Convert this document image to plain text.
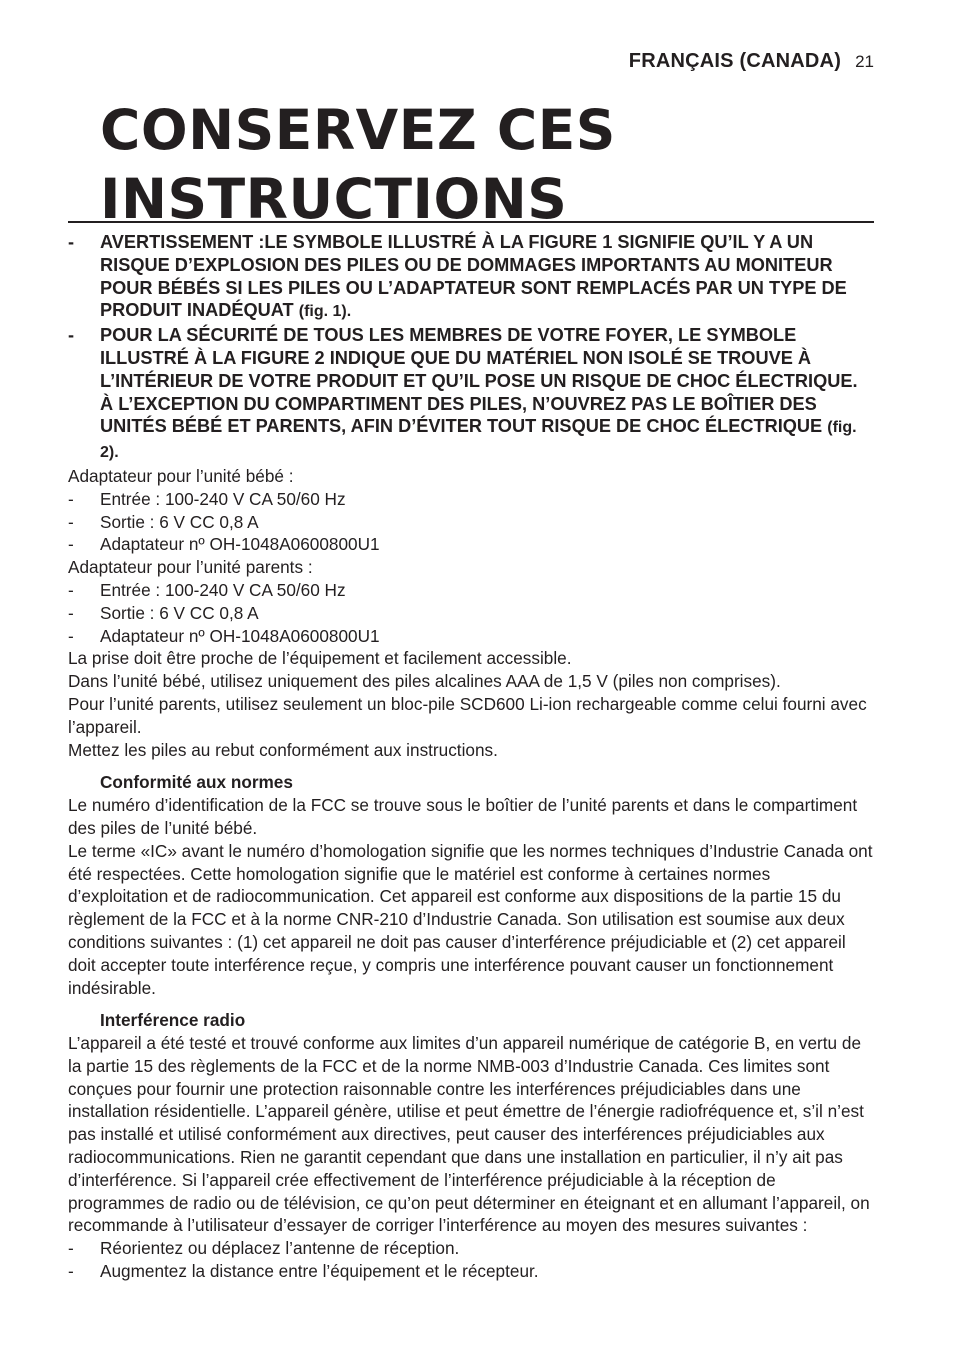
FRANÇAIS (CANADA) 21
CONSERVEZ CES
INSTRUCTIONS
- AVERTISSEMENT :LE SYMBOLE ILLUSTRÉ À LA FIGURE 1 SIGNIFIE QU’IL Y A UN RISQUE D’EXPLOSION DES PILES OU DE DOMMAGES IMPORTANTS AU MONITEUR POUR BÉBÉS SI LES PILES OU L’ADAPTATEUR SONT REMPLACÉS PAR UN TYPE DE PRODUIT INADÉQUAT (fig. 1).
- POUR LA SÉCURITÉ DE TOUS LES MEMBRES DE VOTRE FOYER, LE SYMBOLE ILLUSTRÉ À LA FIGURE 2 INDIQUE QUE DU MATÉRIEL NON ISOLÉ SE TROUVE À L’INTÉRIEUR DE VOTRE PRODUIT ET QU’IL POSE UN RISQUE DE CHOC ÉLECTRIQUE. À L’EXCEPTION DU COMPARTIMENT DES PILES, N’OUVREZ PAS LE BOÎTIER DES UNITÉS BÉBÉ ET PARENTS, AFIN D’ÉVITER TOUT RISQUE DE CHOC ÉLECTRIQUE (fig. 2).

Adaptateur pour l’unité bébé :

- Entrée : 100-240 V CA 50/60 Hz
- Sortie : 6 V CC 0,8 A
- Adaptateur nº OH-1048A0600800U1

Adaptateur pour l’unité parents :

- Entrée : 100-240 V CA 50/60 Hz
- Sortie : 6 V CC 0,8 A
- Adaptateur nº OH-1048A0600800U1

La prise doit être proche de l’équipement et facilement accessible.

Dans l’unité bébé, utilisez uniquement des piles alcalines AAA de 1,5 V (piles non comprises).

Pour l’unité parents, utilisez seulement un bloc-pile SCD600 Li-ion rechargeable comme celui fourni avec l’appareil.

Mettez les piles au rebut conformément aux instructions.

Conformité aux normes

Le numéro d’identification de la FCC se trouve sous le boîtier de l’unité parents et dans le compartiment des piles de l’unité bébé.

Le terme «IC» avant le numéro d’homologation signifie que les normes techniques d’Industrie Canada ont été respectées. Cette homologation signifie que le matériel est conforme à certaines normes d’exploitation et de radiocommunication. Cet appareil est conforme aux dispositions de la partie 15 du règlement de la FCC et à la norme CNR-210 d’Industrie Canada. Son utilisation est soumise aux deux conditions suivantes : (1) cet appareil ne doit pas causer d’interférence préjudiciable et (2) cet appareil doit accepter toute interférence reçue, y compris une interférence pouvant causer un fonctionnement indésirable.

Interférence radio

L’appareil a été testé et trouvé conforme aux limites d’un appareil numérique de catégorie B, en vertu de la partie 15 des règlements de la FCC et de la norme NMB-003 d’Industrie Canada. Ces limites sont conçues pour fournir une protection raisonnable contre les interférences préjudiciables dans une installation résidentielle. L’appareil génère, utilise et peut émettre de l’énergie radiofréquence et, s’il n’est pas installé et utilisé conformément aux directives, peut causer des interférences préjudiciables aux radiocommunications. Rien ne garantit cependant que dans une installation en particulier, il n’y ait pas d’interférence. Si l’appareil crée effectivement de l’interférence préjudiciable à la réception de programmes de radio ou de télévision, ce qu’on peut déterminer en éteignant et en allumant l’appareil, on recommande à l’utilisateur d’essayer de corriger l’interférence au moyen des mesures suivantes :

- Réorientez ou déplacez l’antenne de réception.
- Augmentez la distance entre l’équipement et le récepteur.
